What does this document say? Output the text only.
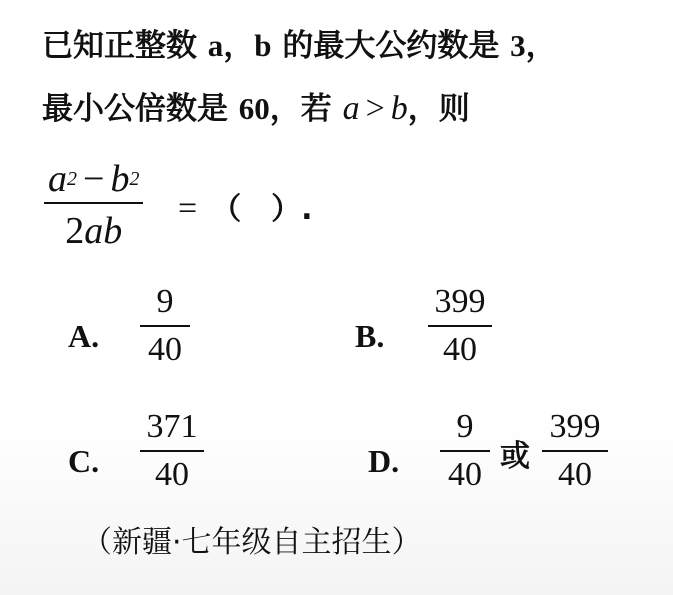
已知正整数 a，b 的最大公约数是 3，
最小公倍数是 60，若 a > b，则
$a^2 - b^2$
2ab
= （　）.
A.
9
40	B.
399
40
C.
371
40	D.
9
40 或
399
40
（新疆·七年级自主招生）
